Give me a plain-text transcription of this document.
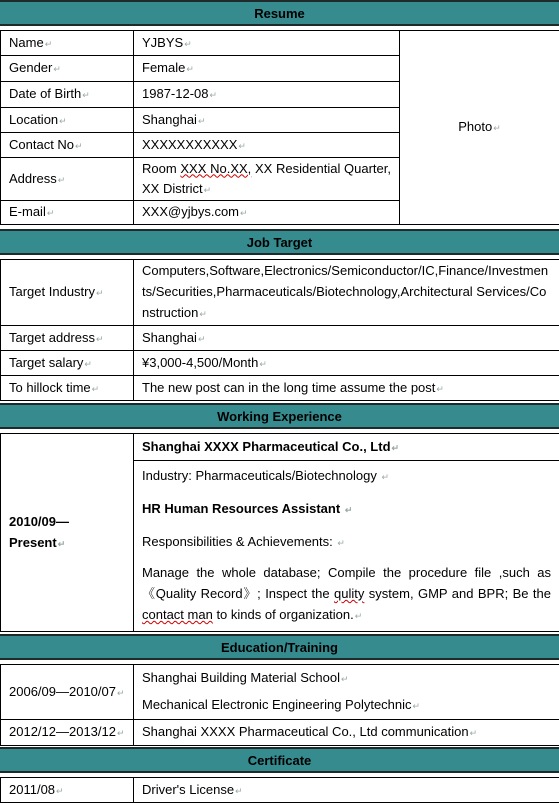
Resume
Name↵	YJBYS↵	Photo↵
Gender↵	Female↵	
Date of Birth↵	1987-12-08↵	
Location↵	Shanghai↵	
Contact No↵	XXXXXXXXXXX↵	
Address↵	Room XXX No.XX, XX Residential Quarter, XX District↵	
E-mail↵	XXX@yjbys.com↵	
Job Target
Target Industry↵	Computers,Software,Electronics/Semiconductor/IC,Finance/Investments/Securities,Pharmaceuticals/Biotechnology,Architectural Services/Construction↵
Target address↵	Shanghai↵
Target salary↵	¥3,000-4,500/Month↵
To hillock time↵	The new post can in the long time assume the post↵
Working Experience
2010/09—Present↵	Shanghai XXXX Pharmaceutical Co., Ltd↵

Industry: Pharmaceuticals/Biotechnology ↵
HR Human Resources Assistant ↵
Responsibilities & Achievements: ↵
Manage the whole database; Compile the procedure file ,such as 《Quality Record》; Inspect the qulity system, GMP and BPR; Be the contact man to kinds of organization.↵
Education/Training
2006/09—2010/07↵	Shanghai Building Material School↵
Mechanical Electronic Engineering Polytechnic↵

2012/12—2013/12↵	Shanghai XXXX Pharmaceutical Co., Ltd communication↵
Certificate
2011/08↵	Driver's License↵
